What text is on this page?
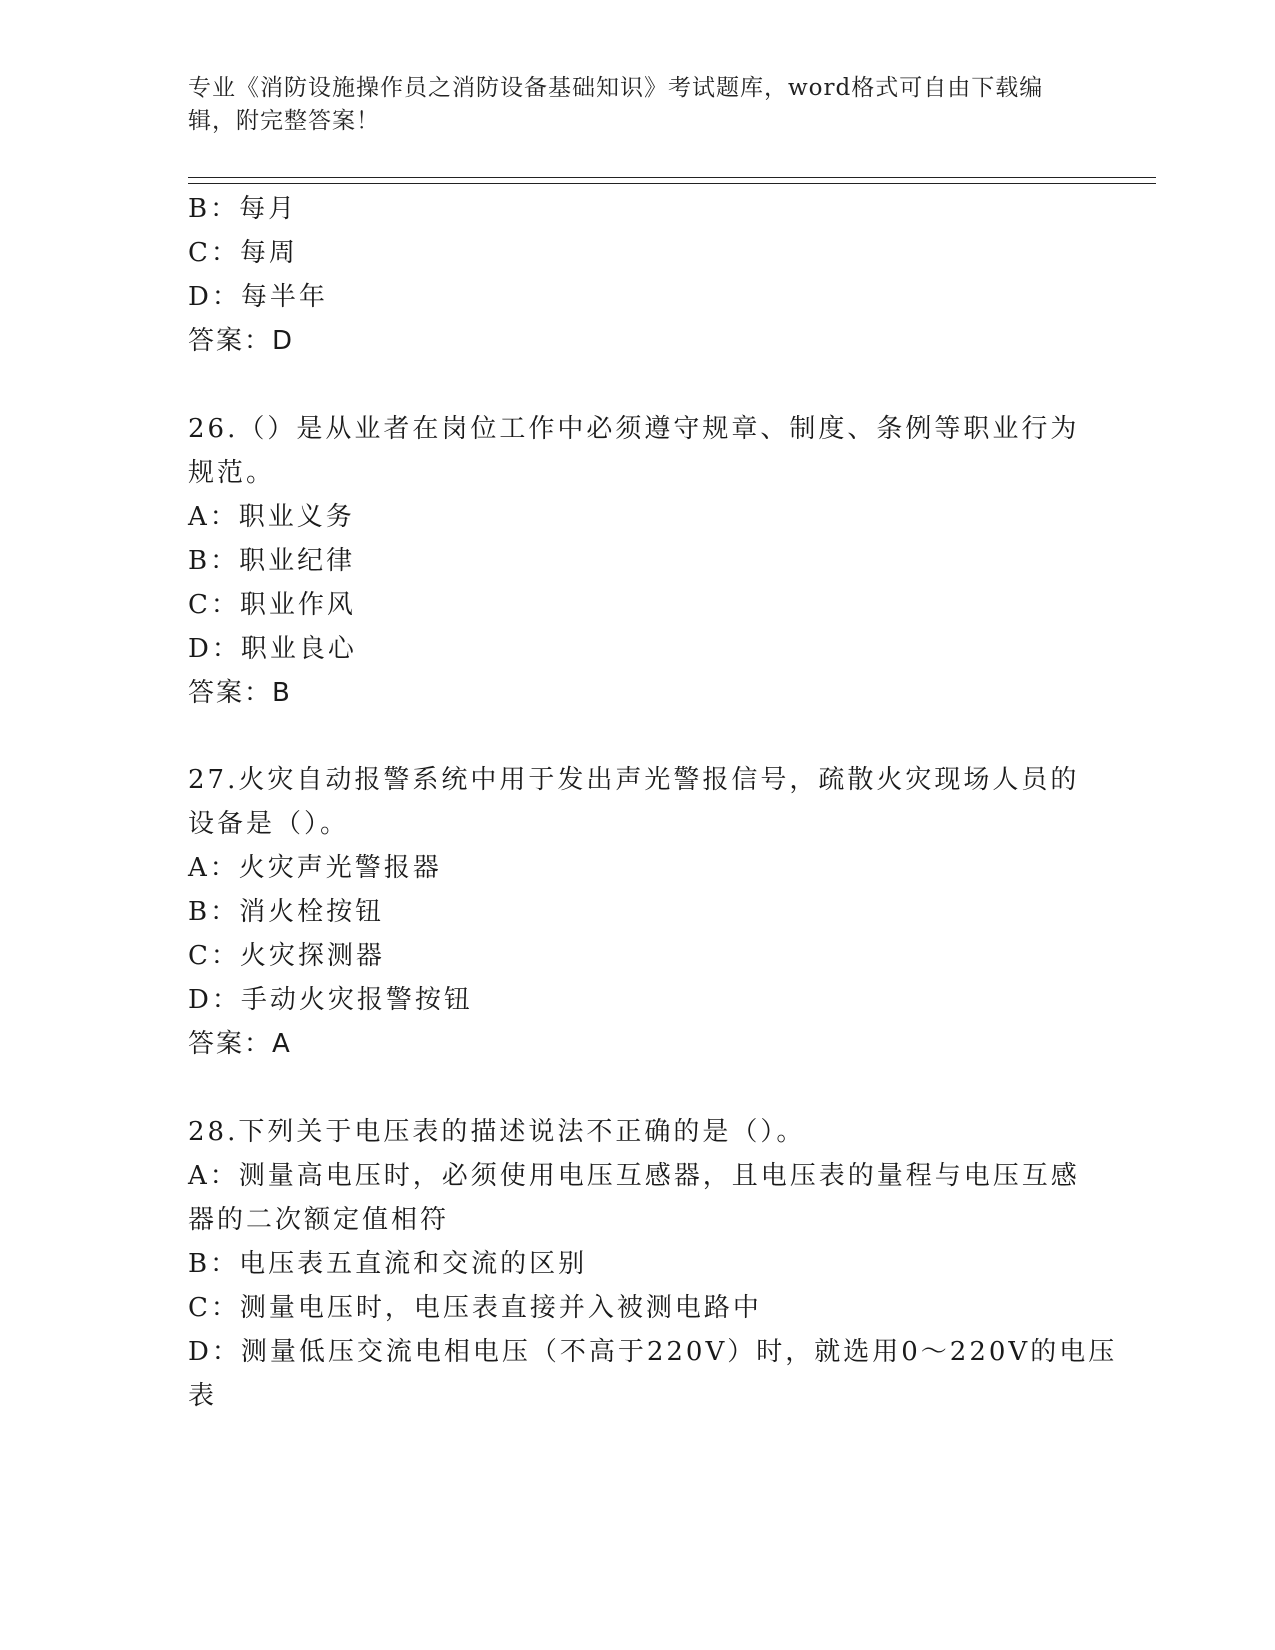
专业《消防设施操作员之消防设备基础知识》考试题库，word格式可自由下载编
辑，附完整答案！
B：每月
C：每周
D：每半年
答案：D
26.（）是从业者在岗位工作中必须遵守规章、制度、条例等职业行为
规范。
A：职业义务
B：职业纪律
C：职业作风
D：职业良心
答案：B
27.火灾自动报警系统中用于发出声光警报信号，疏散火灾现场人员的
设备是（）。
A：火灾声光警报器
B：消火栓按钮
C：火灾探测器
D：手动火灾报警按钮
答案：A
28.下列关于电压表的描述说法不正确的是（）。
A：测量高电压时，必须使用电压互感器，且电压表的量程与电压互感
器的二次额定值相符
B：电压表五直流和交流的区别
C：测量电压时，电压表直接并入被测电路中
D：测量低压交流电相电压（不高于220V）时，就选用0～220V的电压
表
